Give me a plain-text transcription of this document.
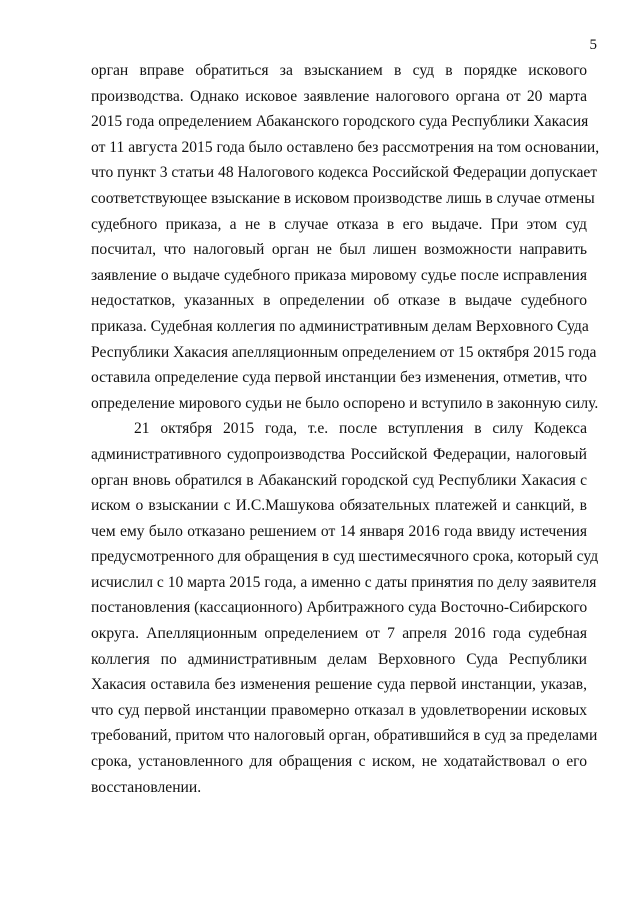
5
орган вправе обратиться за взысканием в суд в порядке искового
производства. Однако исковое заявление налогового органа от 20 марта
2015 года определением Абаканского городского суда Республики Хакасия
от 11 августа 2015 года было оставлено без рассмотрения на том основании,
что пункт 3 статьи 48 Налогового кодекса Российской Федерации допускает
соответствующее взыскание в исковом производстве лишь в случае отмены
судебного приказа, а не в случае отказа в его выдаче. При этом суд
посчитал, что налоговый орган не был лишен возможности направить
заявление о выдаче судебного приказа мировому судье после исправления
недостатков, указанных в определении об отказе в выдаче судебного
приказа. Судебная коллегия по административным делам Верховного Суда
Республики Хакасия апелляционным определением от 15 октября 2015 года
оставила определение суда первой инстанции без изменения, отметив, что
определение мирового судьи не было оспорено и вступило в законную силу.
21 октября 2015 года, т.е. после вступления в силу Кодекса
административного судопроизводства Российской Федерации, налоговый
орган вновь обратился в Абаканский городской суд Республики Хакасия с
иском о взыскании с И.С.Машукова обязательных платежей и санкций, в
чем ему было отказано решением от 14 января 2016 года ввиду истечения
предусмотренного для обращения в суд шестимесячного срока, который суд
исчислил с 10 марта 2015 года, а именно с даты принятия по делу заявителя
постановления (кассационного) Арбитражного суда Восточно-Сибирского
округа. Апелляционным определением от 7 апреля 2016 года судебная
коллегия по административным делам Верховного Суда Республики
Хакасия оставила без изменения решение суда первой инстанции, указав,
что суд первой инстанции правомерно отказал в удовлетворении исковых
требований, притом что налоговый орган, обратившийся в суд за пределами
срока, установленного для обращения с иском, не ходатайствовал о его
восстановлении.
